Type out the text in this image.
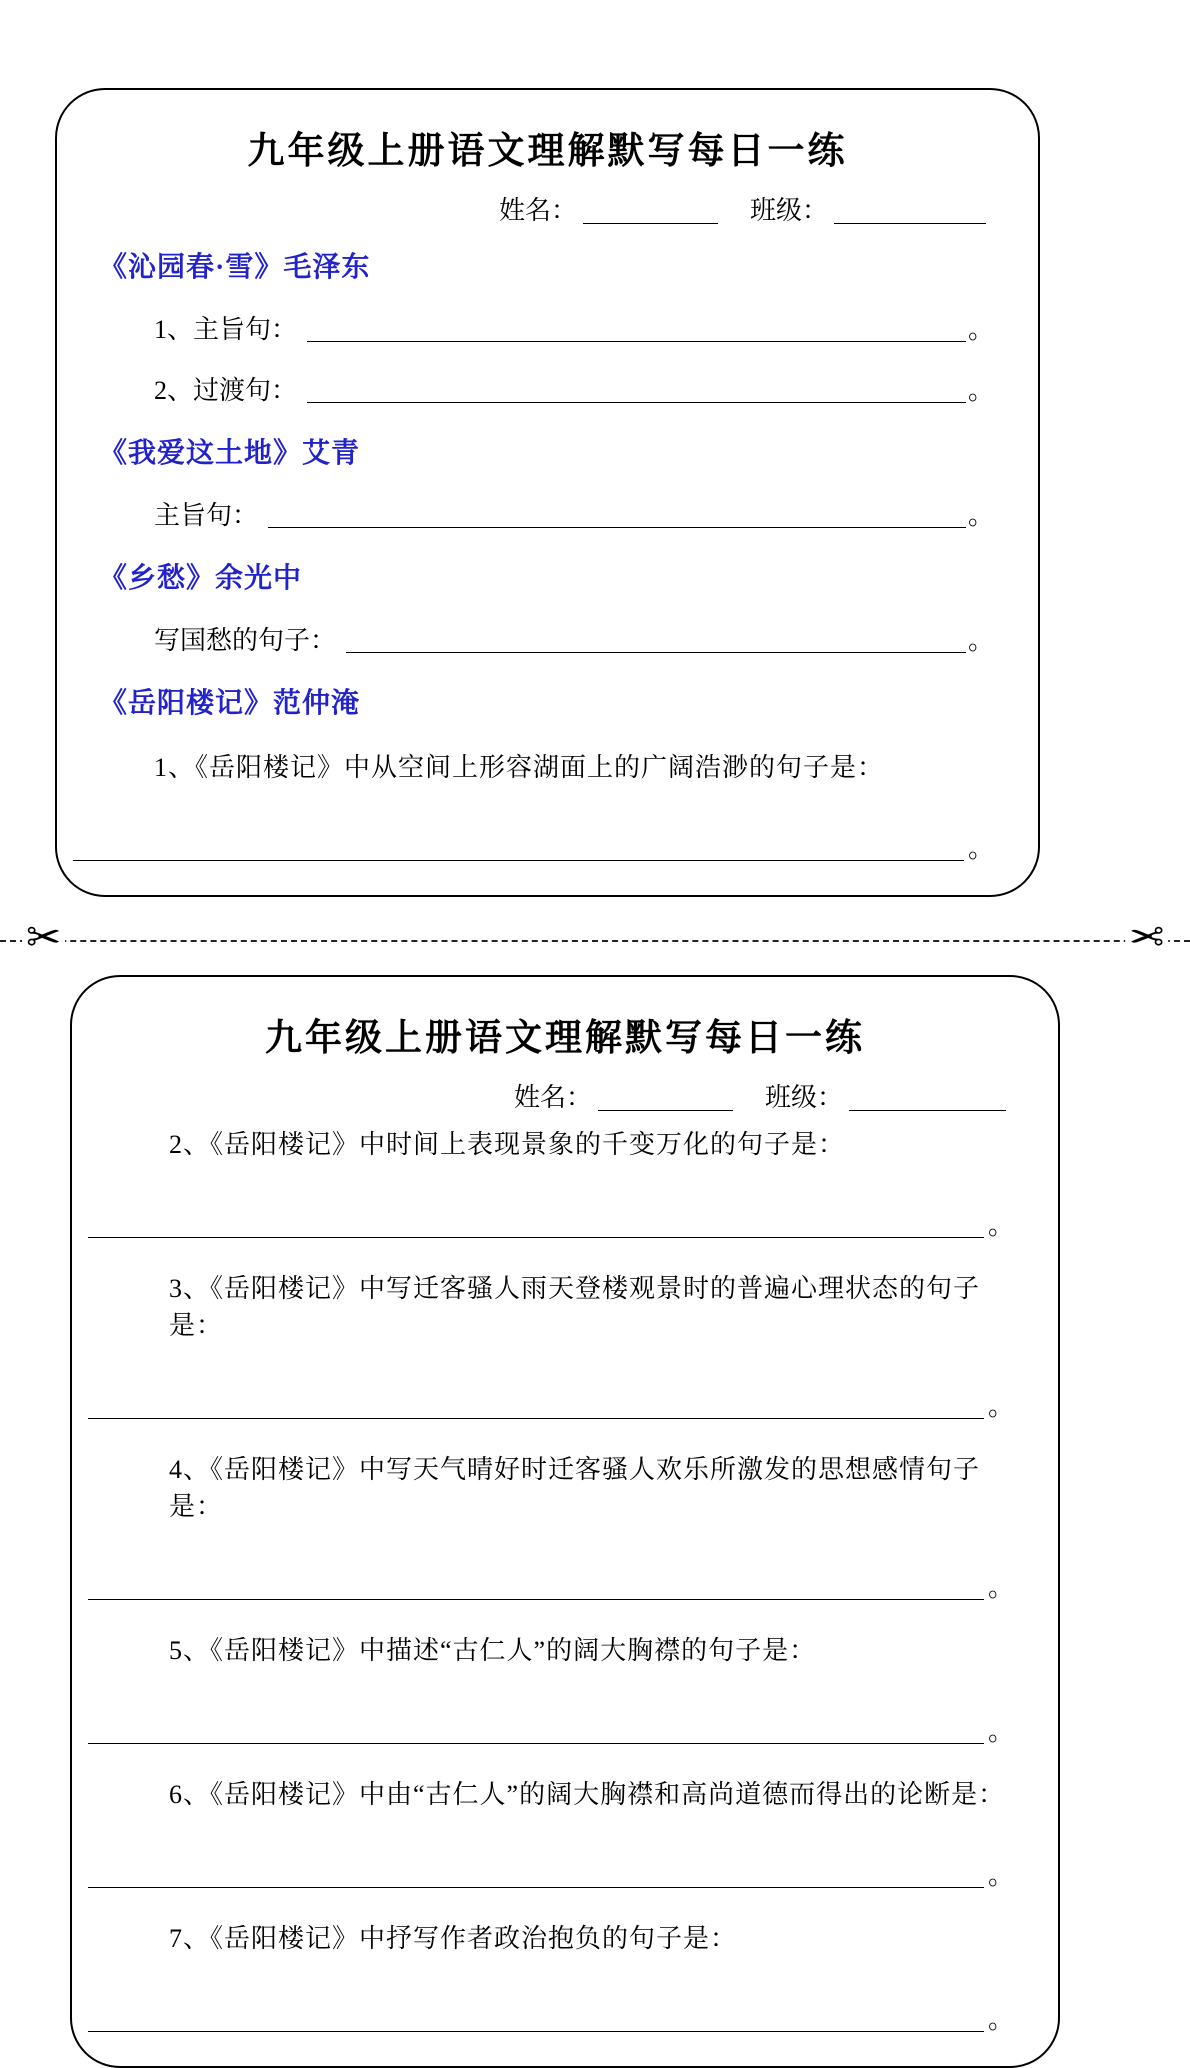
九年级上册语文理解默写每日一练
姓名：	班级：
《沁园春·雪》毛泽东
1、主旨句：	。
2、过渡句：	。
《我爱这土地》艾青
主旨句：	。
《乡愁》余光中
写国愁的句子：	。
《岳阳楼记》范仲淹
1、《岳阳楼记》中从空间上形容湖面上的广阔浩渺的句子是：
。
✂	✂
九年级上册语文理解默写每日一练
姓名：	班级：
2、《岳阳楼记》中时间上表现景象的千变万化的句子是：
。
3、《岳阳楼记》中写迁客骚人雨天登楼观景时的普遍心理状态的句子是：
。
4、《岳阳楼记》中写天气晴好时迁客骚人欢乐所激发的思想感情句子是：
。
5、《岳阳楼记》中描述“古仁人”的阔大胸襟的句子是：
。
6、《岳阳楼记》中由“古仁人”的阔大胸襟和高尚道德而得出的论断是：
。
7、《岳阳楼记》中抒写作者政治抱负的句子是：
。
